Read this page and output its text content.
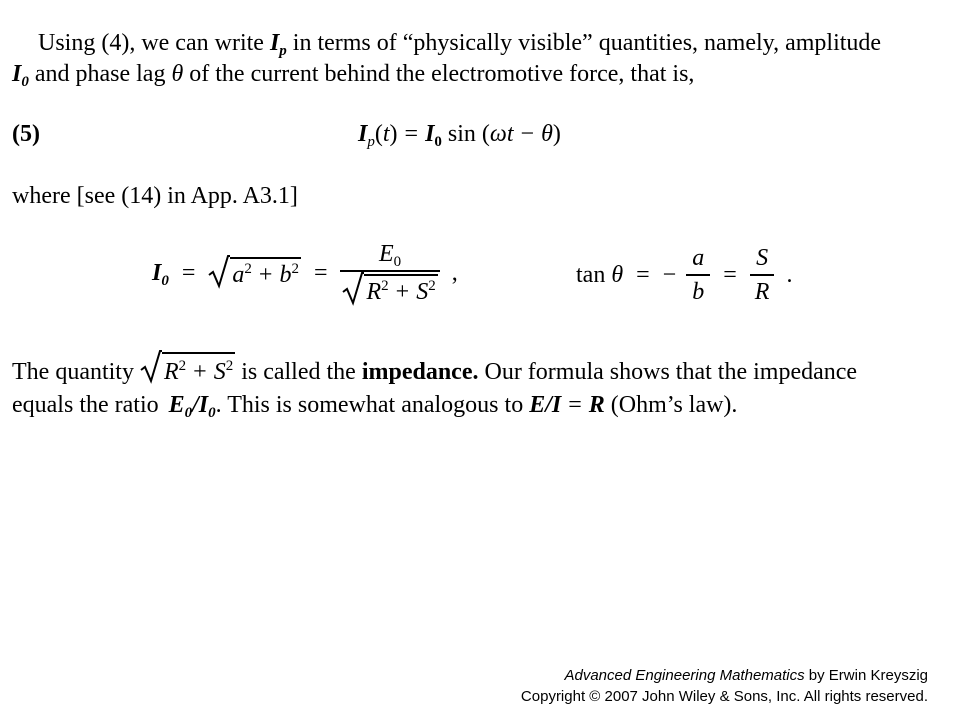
Using (4), we can write $I_p$ in terms of “physically visible” quantities, namely, amplitude
$I_0$ and phase lag θ of the current behind the electromotive force, that is,
(5)	$I_p(t) = I_0$ sin (ωt − θ)
where [see (14) in App. A3.1]
$I_0 = a^2 + b^2 = \frac{E_0}{R^2 + S^2}$ ,	tan θ = − $\frac{a}{b} = \frac{S}{R}$ .
The quantity $R^2 + S^2$ is called the impedance. Our formula shows that the impedance
equals the ratio $E_0/I_0$. This is somewhat analogous to E/I = R (Ohm’s law).
Advanced Engineering Mathematics by Erwin Kreyszig
Copyright © 2007 John Wiley & Sons, Inc. All rights reserved.
